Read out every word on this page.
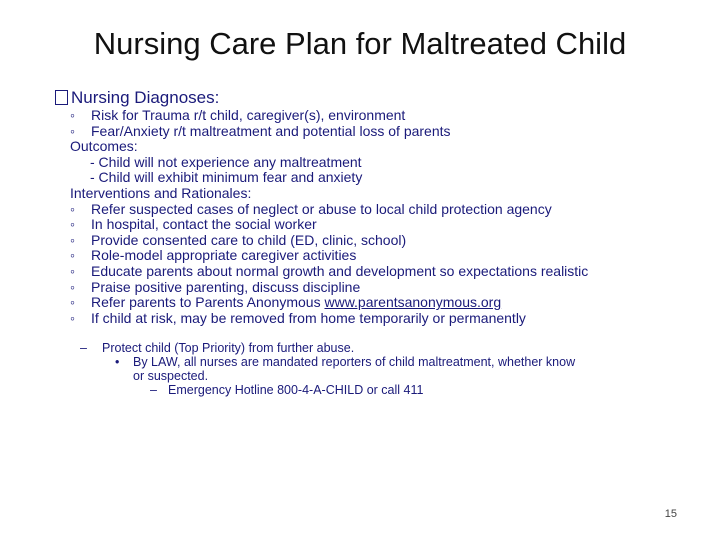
Nursing Care Plan for Maltreated Child
Nursing Diagnoses:
◦ Risk for Trauma r/t child, caregiver(s), environment
◦ Fear/Anxiety r/t maltreatment and potential loss of parents
Outcomes:
- Child will not experience any maltreatment
- Child will exhibit minimum fear and anxiety
Interventions and Rationales:
◦ Refer suspected cases of neglect or abuse to local child protection agency
◦ In hospital, contact the social worker
◦ Provide consented care to child (ED, clinic, school)
◦ Role-model appropriate caregiver activities
◦ Educate parents about normal growth and development so expectations realistic
◦ Praise positive parenting, discuss discipline
◦ Refer parents to Parents Anonymous www.parentsanonymous.org
◦ If child at risk, may be removed from home temporarily or permanently
– Protect child (Top Priority) from further abuse.
• By LAW, all nurses are mandated reporters of child maltreatment, whether know
or suspected.
– Emergency Hotline 800-4-A-CHILD or call 411
15
